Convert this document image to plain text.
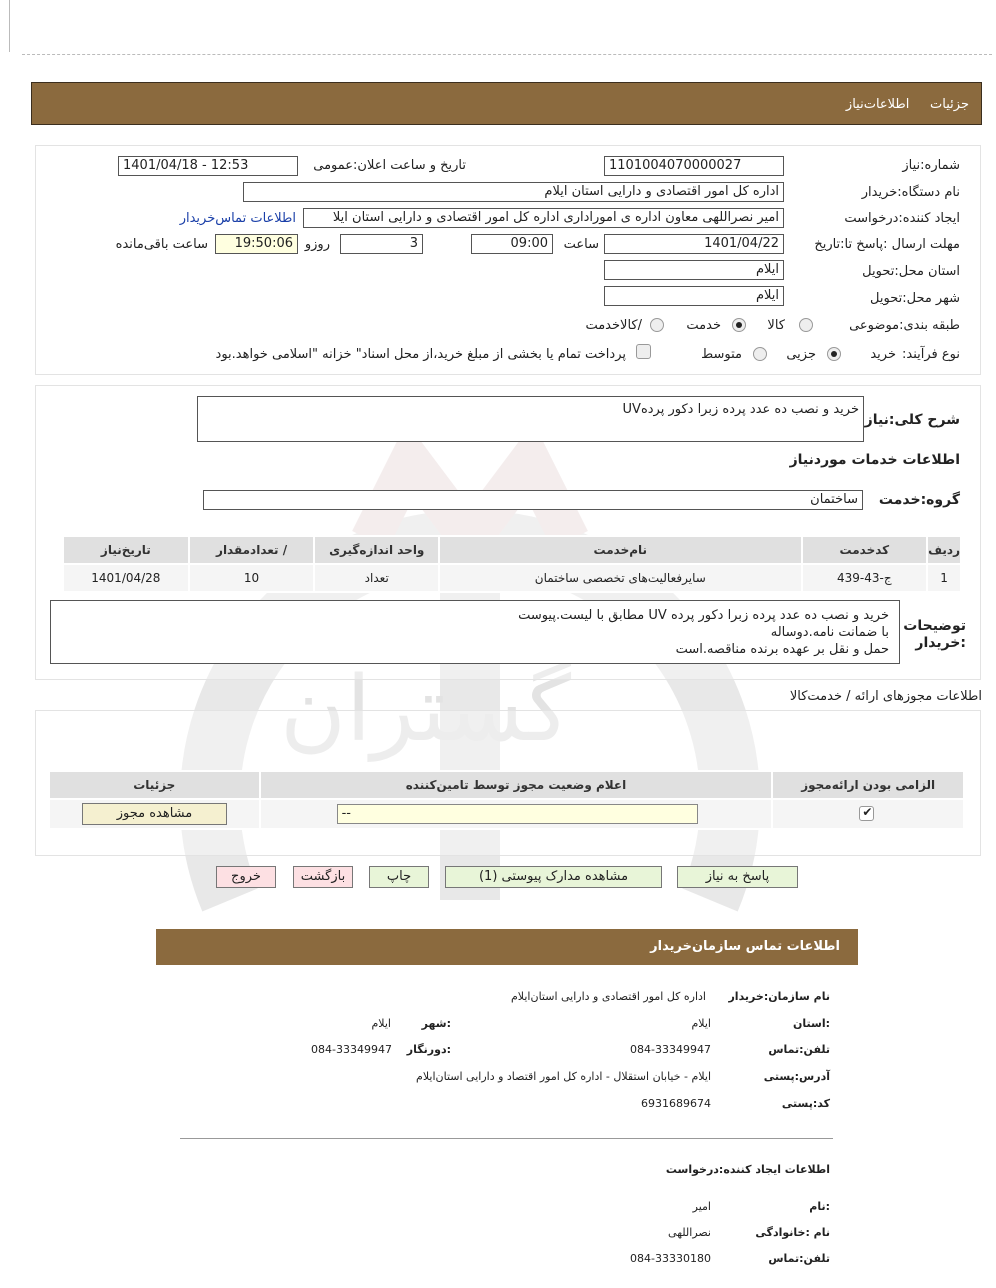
جزئیات     اطلاعات‌نیاز
گستران
شماره:نیاز
1101004070000027
تاریخ و ساعت اعلان:عمومی
1401/04/18 - 12:53
نام دستگاه:خریدار
اداره کل امور اقتصادی و دارایی استان ایلام
ایجاد کننده:درخواست
امیر نصراللهی معاون اداره ی اموراداری اداره کل امور اقتصادی و دارایی استان ایلا
اطلاعات تماس‌خریدار
مهلت ارسال :پاسخ تا:تاریخ
1401/04/22
ساعت
09:00
3
روزو
19:50:06
ساعت باقی‌مانده
استان محل:تحویل
ایلام
شهر محل:تحویل
ایلام
طبقه بندی:موضوعی
کالا
خدمت
/کالاخدمت
نوع فرآیند:
خرید
جزیی
متوسط
پرداخت تمام یا بخشی از مبلغ خرید،از محل اسناد" خزانه "اسلامی خواهد.بود
شرح کلی:نیاز
خرید و نصب ده عدد پرده زبرا دکور پردهUV
اطلاعات خدمات موردنیاز
گروه:خدمت
ساختمان
ردیف	کدخدمت	نام‌خدمت	واحد اندازه‌گیری	/ تعدادمقدار	تاریخ‌نیاز
1	ج-43-439	سایرفعالیت‌های تخصصی ساختمان	تعداد	10	1401/04/28
توضیحات :خریدار
خرید و نصب ده عدد پرده زبرا دکور پرده UV مطابق با لیست.پیوست
با ضمانت نامه.دوساله
حمل و نقل بر عهده برنده مناقصه.است
اطلاعات مجوزهای ارائه / خدمت‌کالا
الزامی بودن ارائه‌مجوز	اعلام وضعیت مجوز توسط تامین‌کننده	جزئیات

✔	--	مشاهده مجوز
پاسخ به نیاز
مشاهده مدارک پیوستی (1)
چاپ
بازگشت
خروج
اطلاعات تماس سازمان‌خریدار
نام سازمان:خریدار
اداره کل امور اقتصادی و دارایی استان‌ایلام
:استان
ایلام
:شهر
ایلام
تلفن:تماس
084-33349947
:دورنگار
084-33349947
آدرس:پستی
ایلام - خیابان استقلال - اداره کل امور اقتصاد و دارایی استان‌ایلام
کد:پستی
6931689674
اطلاعات ایجاد کننده:درخواست
:نام
امیر
نام :خانوادگی
نصراللهی
تلفن:تماس
084-33330180
